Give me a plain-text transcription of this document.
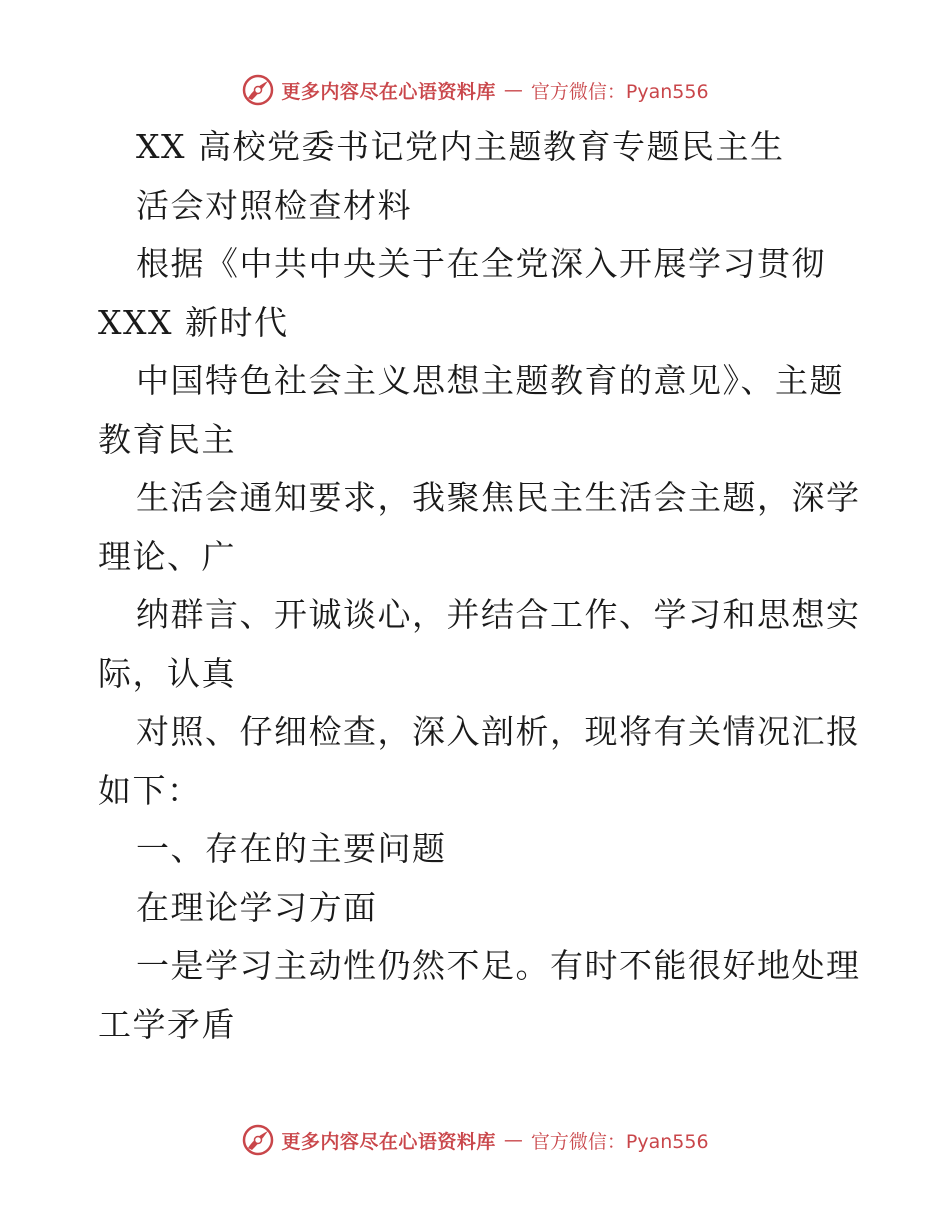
更多内容尽在心语资料库 — 官方微信：Pyan556
XX 高校党委书记党内主题教育专题民主生
活会对照检查材料
根据《中共中央关于在全党深入开展学习贯彻
XXX 新时代
中国特色社会主义思想主题教育的意见》、主题
教育民主
生活会通知要求，我聚焦民主生活会主题，深学
理论、广
纳群言、开诚谈心，并结合工作、学习和思想实
际，认真
对照、仔细检查，深入剖析，现将有关情况汇报
如下：
一、存在的主要问题
在理论学习方面
一是学习主动性仍然不足。有时不能很好地处理
工学矛盾
更多内容尽在心语资料库 — 官方微信：Pyan556
